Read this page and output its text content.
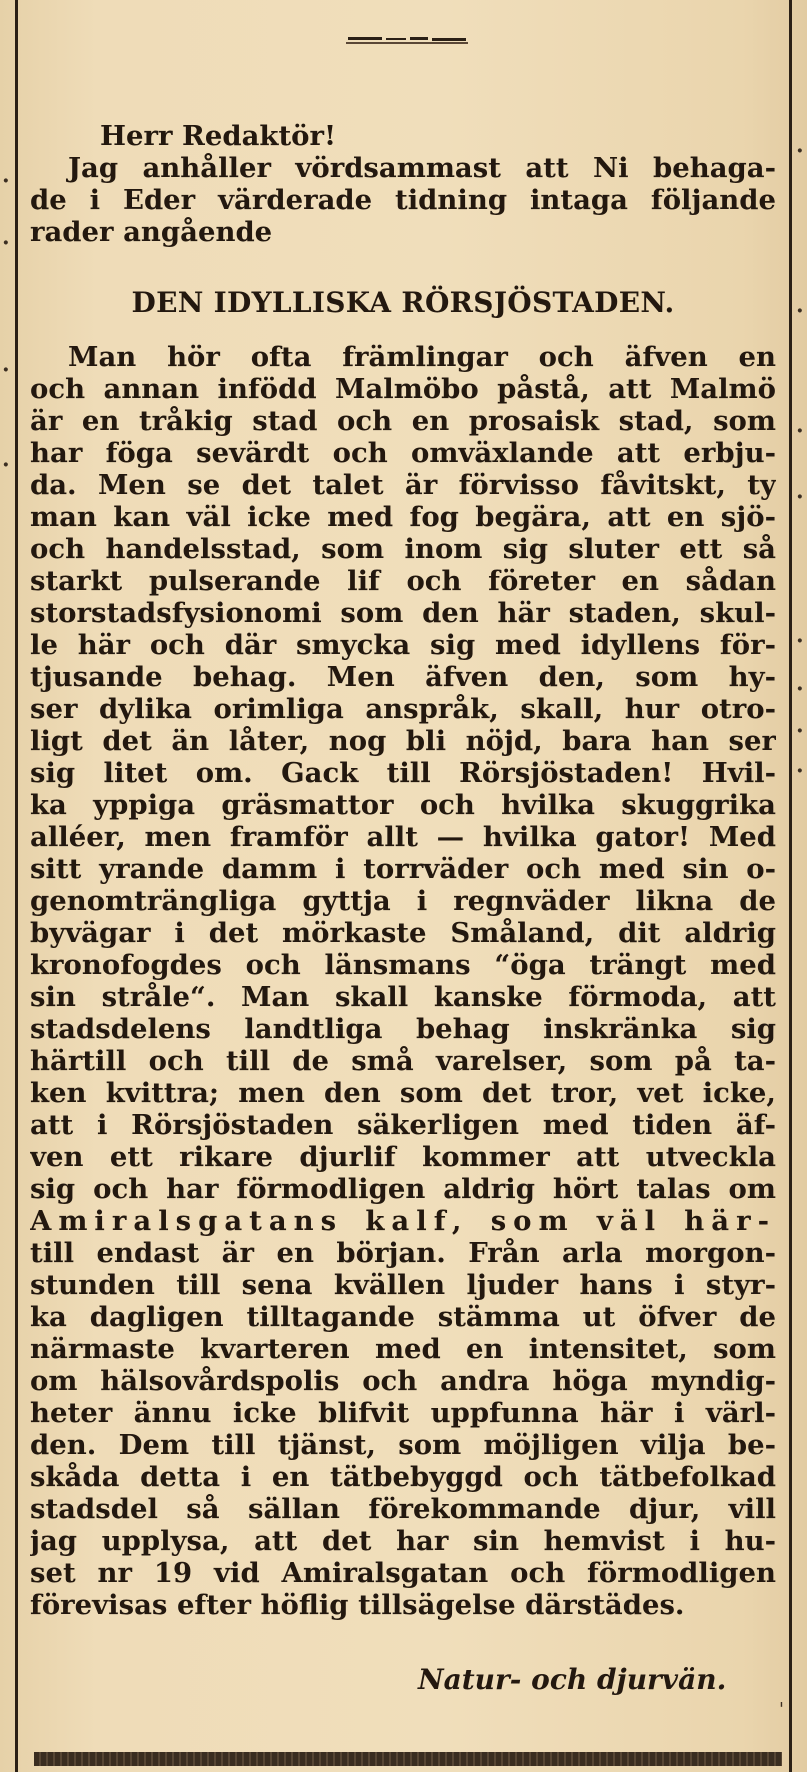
·
·
·
·
·
·
·
·
·
·
·
·
Herr Redaktör!
Jag anhåller vördsammast att Ni behaga-
de i Eder värderade tidning intaga följande
rader angående
DEN IDYLLISKA RÖRSJÖSTADEN.
Man hör ofta främlingar och äfven en
och annan infödd Malmöbo påstå, att Malmö
är en tråkig stad och en prosaisk stad, som
har föga sevärdt och omväxlande att erbju-
da. Men se det talet är förvisso fåvitskt, ty
man kan väl icke med fog begära, att en sjö-
och handelsstad, som inom sig sluter ett så
starkt pulserande lif och företer en sådan
storstadsfysionomi som den här staden, skul-
le här och där smycka sig med idyllens för-
tjusande behag. Men äfven den, som hy-
ser dylika orimliga anspråk, skall, hur otro-
ligt det än låter, nog bli nöjd, bara han ser
sig litet om. Gack till Rörsjöstaden! Hvil-
ka yppiga gräsmattor och hvilka skuggrika
alléer, men framför allt — hvilka gator! Med
sitt yrande damm i torrväder och med sin o-
genomträngliga gyttja i regnväder likna de
byvägar i det mörkaste Småland, dit aldrig
kronofogdes och länsmans “öga trängt med
sin stråle“. Man skall kanske förmoda, att
stadsdelens landtliga behag inskränka sig
härtill och till de små varelser, som på ta-
ken kvittra; men den som det tror, vet icke,
att i Rörsjöstaden säkerligen med tiden äf-
ven ett rikare djurlif kommer att utveckla
sig och har förmodligen aldrig hört talas om
Amiralsgatans kalf, som väl här-
till endast är en början. Från arla morgon-
stunden till sena kvällen ljuder hans i styr-
ka dagligen tilltagande stämma ut öfver de
närmaste kvarteren med en intensitet, som
om hälsovårdspolis och andra höga myndig-
heter ännu icke blifvit uppfunna här i värl-
den. Dem till tjänst, som möjligen vilja be-
skåda detta i en tätbebyggd och tätbefolkad
stadsdel så sällan förekommande djur, vill
jag upplysa, att det har sin hemvist i hu-
set nr 19 vid Amiralsgatan och förmodligen
förevisas efter höflig tillsägelse därstädes.
Natur- och djurvän.
'
